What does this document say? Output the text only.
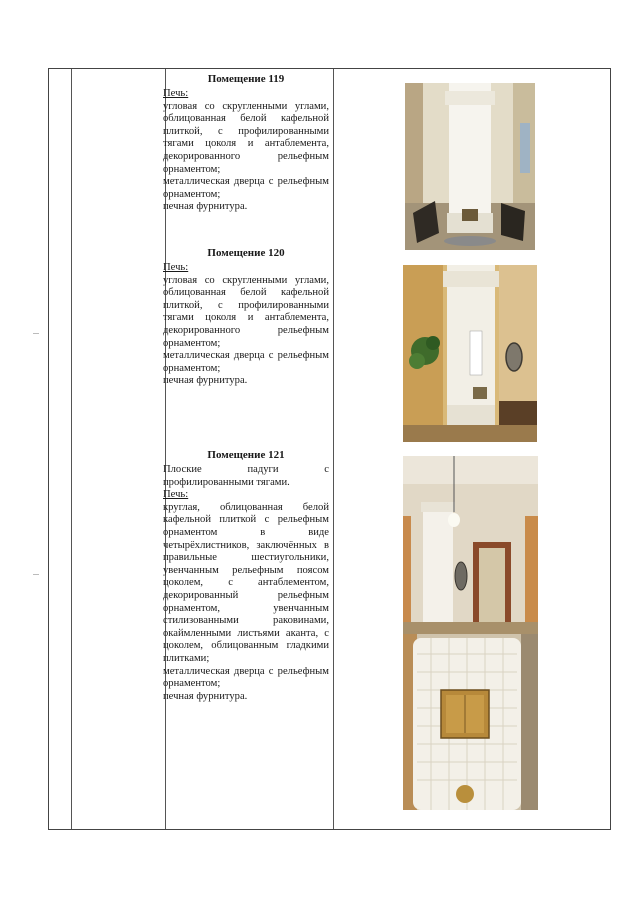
Помещение 119
Печь:
угловая со скругленными углами, облицованная белой кафельной плиткой, с профилированными тягами цоколя и антаблемента, декорированного рельефным орнаментом;
металлическая дверца с рельефным орнаментом;
печная фурнитура.
Помещение 120
Печь:
угловая со скругленными углами, облицованная белой кафельной плиткой, с профилированными тягами цоколя и антаблемента, декорированного рельефным орнаментом;
металлическая дверца с рельефным орнаментом;
печная фурнитура.
Помещение 121
Плоские падуги с профилированными тягами.
Печь:
круглая, облицованная белой кафельной плиткой с рельефным орнаментом в виде четырёхлистников, заключённых в правильные шестиугольники, увенчанным рельефным поясом цоколем, с антаблементом, декорированный рельефным орнаментом, увенчанным стилизованными раковинами, окаймленными листьями аканта, с цоколем, облицованным гладкими плитками;
металлическая дверца с рельефным орнаментом;
печная фурнитура.
